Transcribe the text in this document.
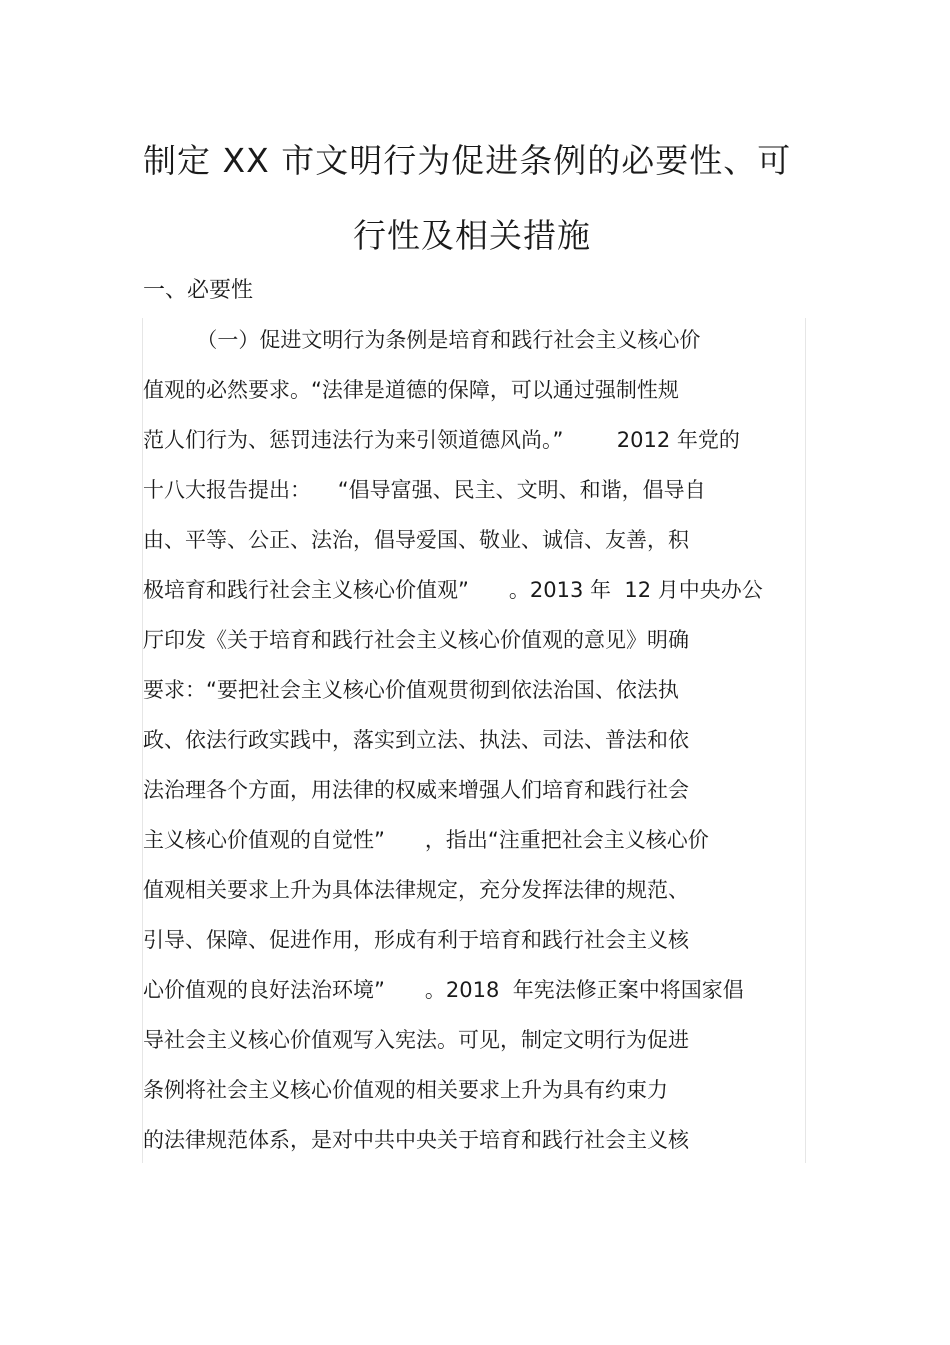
制定 XX 市文明行为促进条例的必要性、可
行性及相关措施
一、必要性
（一）促进文明行为条例是培育和践行社会主义核心价
值观的必然要求。“法律是道德的保障，可以通过强制性规
范人们行为、惩罚违法行为来引领道德风尚。”        2012 年党的
十八大报告提出：    “倡导富强、民主、文明、和谐，倡导自
由、平等、公正、法治，倡导爱国、敬业、诚信、友善，积
极培育和践行社会主义核心价值观”      。2013 年  12 月中央办公
厅印发《关于培育和践行社会主义核心价值观的意见》明确
要求：“要把社会主义核心价值观贯彻到依法治国、依法执
政、依法行政实践中，落实到立法、执法、司法、普法和依
法治理各个方面，用法律的权威来增强人们培育和践行社会
主义核心价值观的自觉性”      ，指出“注重把社会主义核心价
值观相关要求上升为具体法律规定，充分发挥法律的规范、
引导、保障、促进作用，形成有利于培育和践行社会主义核
心价值观的良好法治环境”      。2018  年宪法修正案中将国家倡
导社会主义核心价值观写入宪法。可见，制定文明行为促进
条例将社会主义核心价值观的相关要求上升为具有约束力
的法律规范体系，是对中共中央关于培育和践行社会主义核
